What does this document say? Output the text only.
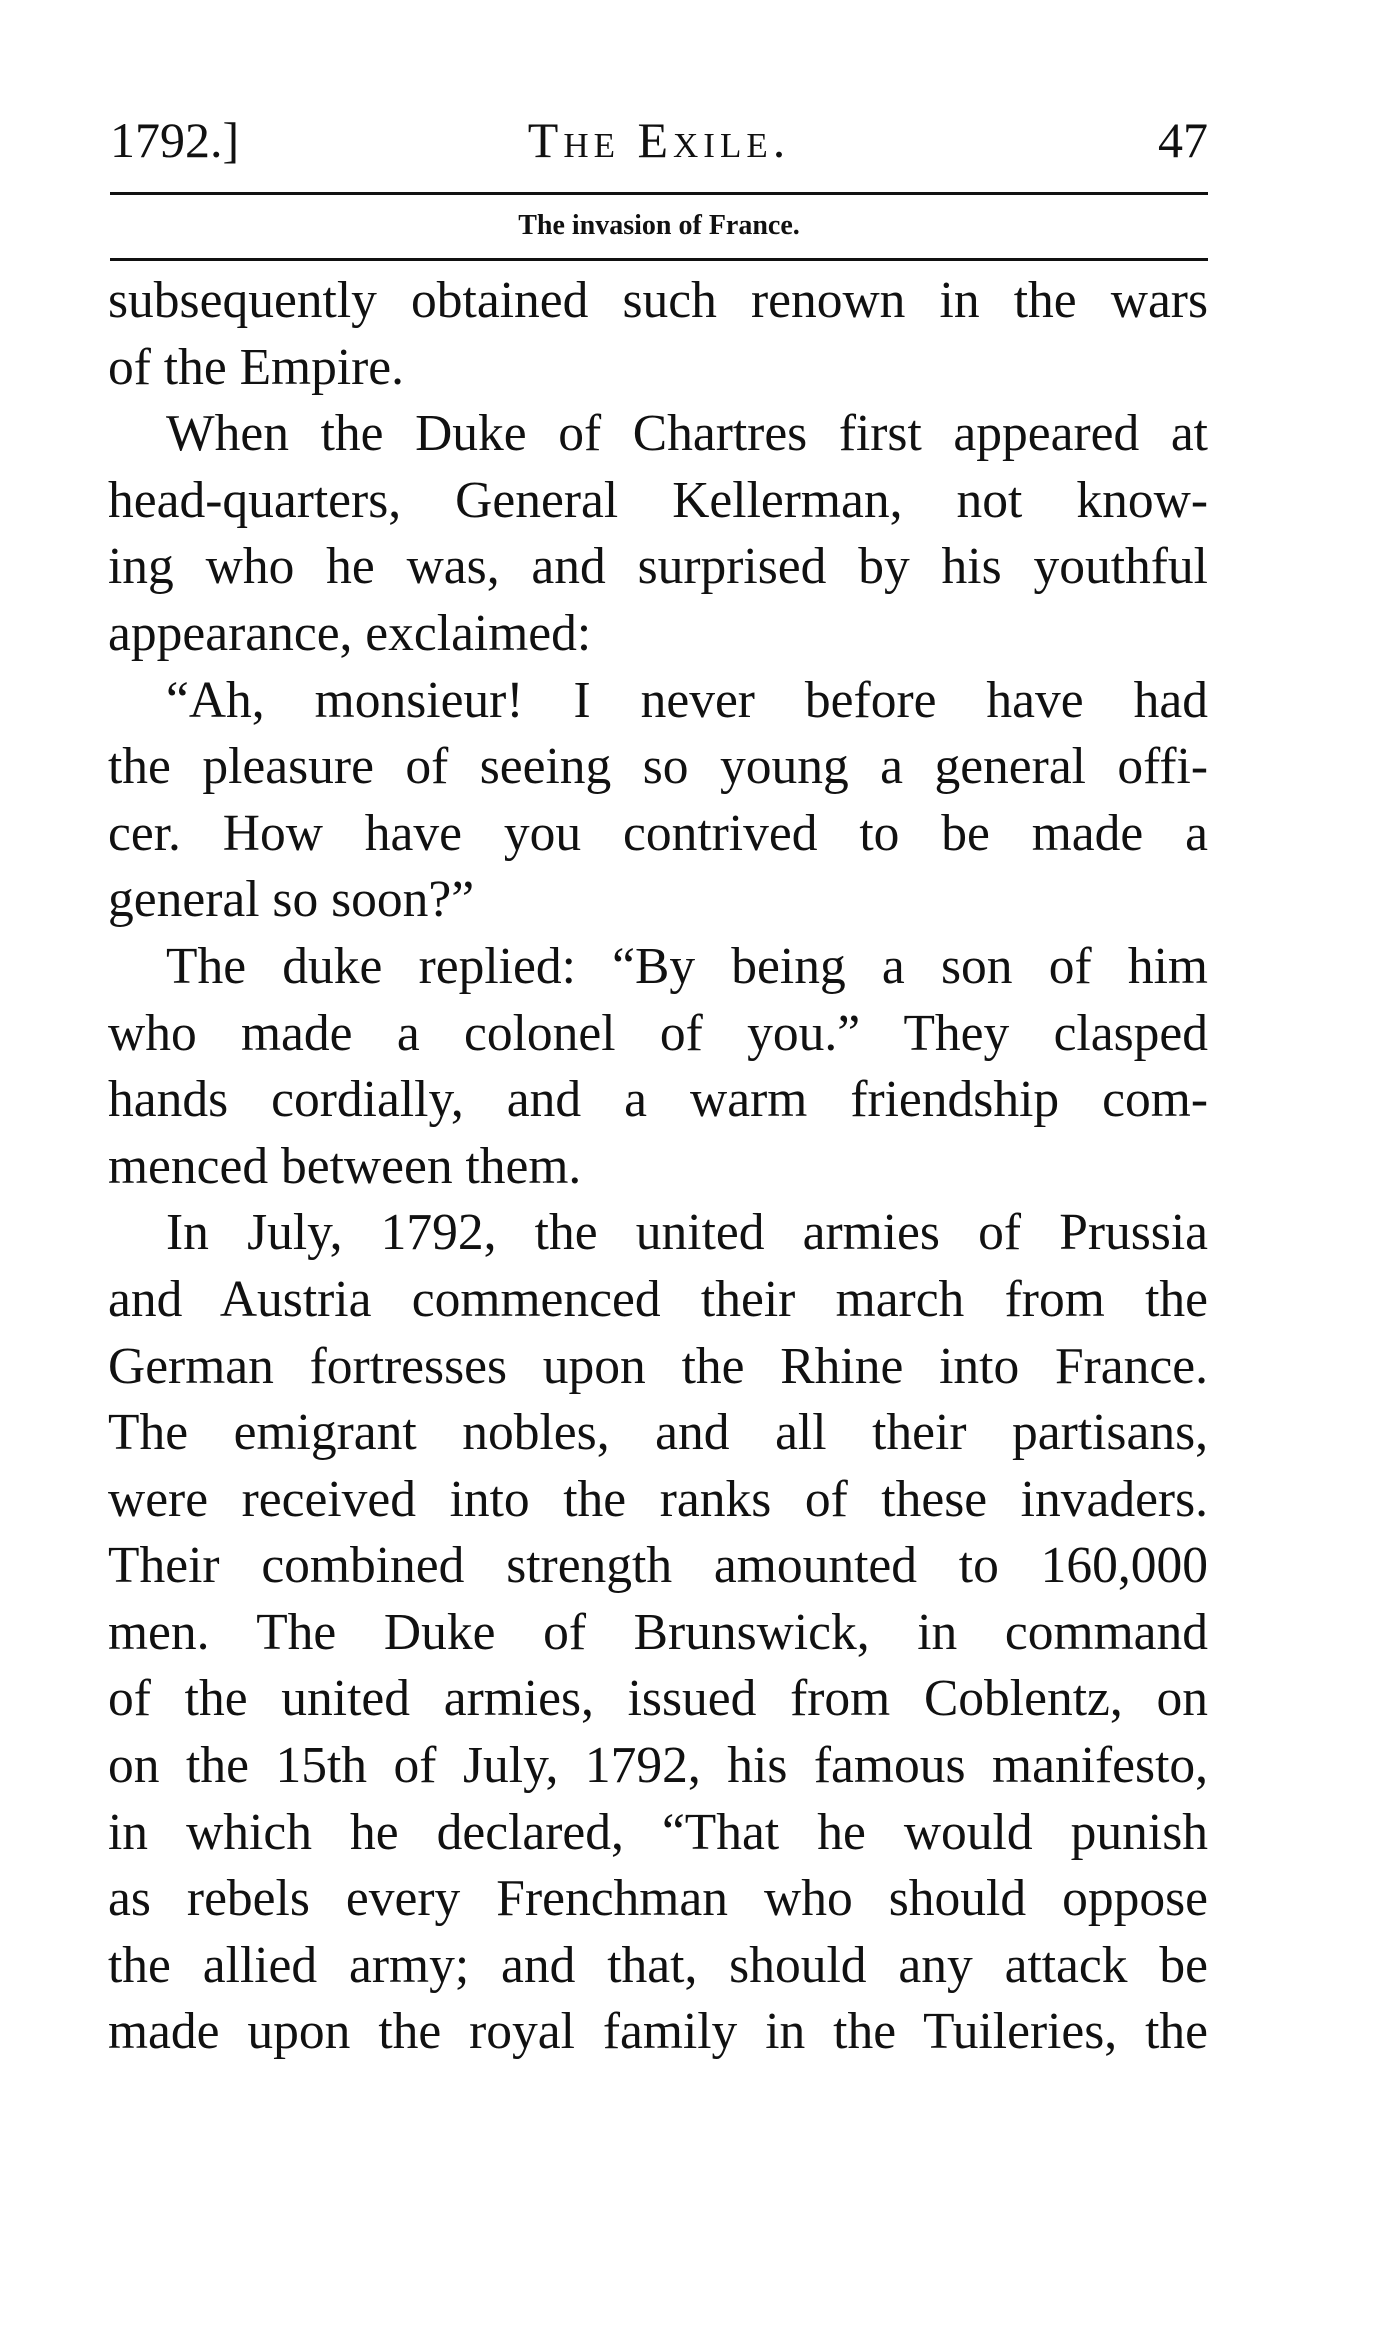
1792.]	The Exile.	47
The invasion of France.
subsequently obtained such renown in the wars
of the Empire.
When the Duke of Chartres first appeared at
head-quarters, General Kellerman, not know-
ing who he was, and surprised by his youthful
appearance, exclaimed:
“Ah, monsieur! I never before have had
the pleasure of seeing so young a general offi-
cer. How have you contrived to be made a
general so soon?”
The duke replied: “By being a son of him
who made a colonel of you.” They clasped
hands cordially, and a warm friendship com-
menced between them.
In July, 1792, the united armies of Prussia
and Austria commenced their march from the
German fortresses upon the Rhine into France.
The emigrant nobles, and all their partisans,
were received into the ranks of these invaders.
Their combined strength amounted to 160,000
men. The Duke of Brunswick, in command
of the united armies, issued from Coblentz, on
on the 15th of July, 1792, his famous manifesto,
in which he declared, “That he would punish
as rebels every Frenchman who should oppose
the allied army; and that, should any attack be
made upon the royal family in the Tuileries, the
